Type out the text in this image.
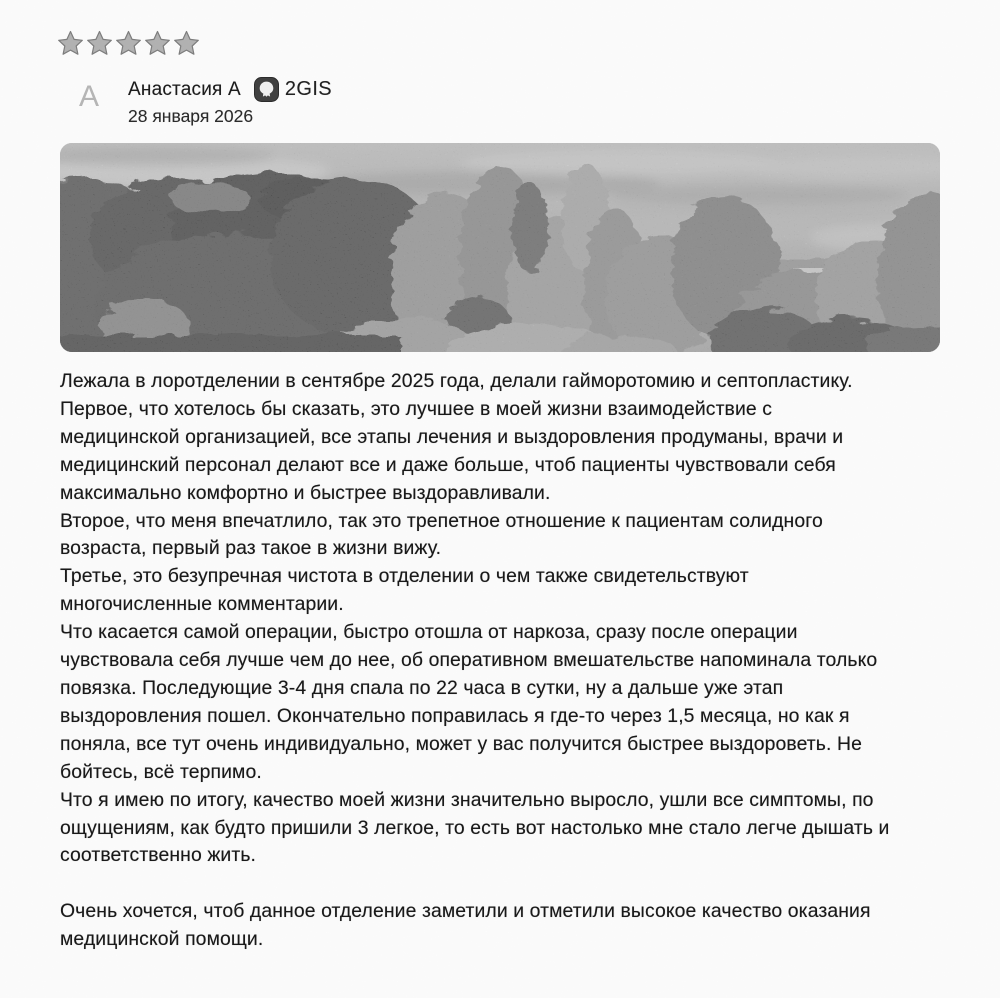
A Анастасия А 2GIS
28 января 2026
Лежала в лоротделении в сентябре 2025 года, делали гайморотомию и септопластику.
Первое, что хотелось бы сказать, это лучшее в моей жизни взаимодействие с
медицинской организацией, все этапы лечения и выздоровления продуманы, врачи и
медицинский персонал делают все и даже больше, чтоб пациенты чувствовали себя
максимально комфортно и быстрее выздоравливали.
Второе, что меня впечатлило, так это трепетное отношение к пациентам солидного
возраста, первый раз такое в жизни вижу.
Третье, это безупречная чистота в отделении о чем также свидетельствуют
многочисленные комментарии.
Что касается самой операции, быстро отошла от наркоза, сразу после операции
чувствовала себя лучше чем до нее, об оперативном вмешательстве напоминала только
повязка. Последующие 3-4 дня спала по 22 часа в сутки, ну а дальше уже этап
выздоровления пошел. Окончательно поправилась я где-то через 1,5 месяца, но как я
поняла, все тут очень индивидуально, может у вас получится быстрее выздороветь. Не
бойтесь, всё терпимо.
Что я имею по итогу, качество моей жизни значительно выросло, ушли все симптомы, по
ощущениям, как будто пришили 3 легкое, то есть вот настолько мне стало легче дышать и
соответственно жить.
Очень хочется, чтоб данное отделение заметили и отметили высокое качество оказания
медицинской помощи.
